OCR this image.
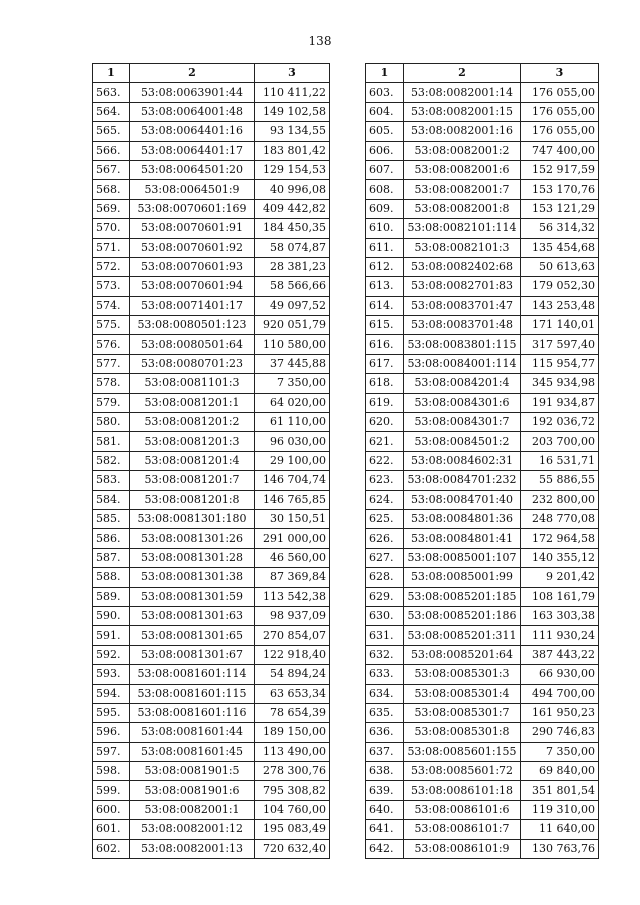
138
1	2	3
563.	53:08:0063901:44	110 411,22
564.	53:08:0064001:48	149 102,58
565.	53:08:0064401:16	93 134,55
566.	53:08:0064401:17	183 801,42
567.	53:08:0064501:20	129 154,53
568.	53:08:0064501:9	40 996,08
569.	53:08:0070601:169	409 442,82
570.	53:08:0070601:91	184 450,35
571.	53:08:0070601:92	58 074,87
572.	53:08:0070601:93	28 381,23
573.	53:08:0070601:94	58 566,66
574.	53:08:0071401:17	49 097,52
575.	53:08:0080501:123	920 051,79
576.	53:08:0080501:64	110 580,00
577.	53:08:0080701:23	37 445,88
578.	53:08:0081101:3	7 350,00
579.	53:08:0081201:1	64 020,00
580.	53:08:0081201:2	61 110,00
581.	53:08:0081201:3	96 030,00
582.	53:08:0081201:4	29 100,00
583.	53:08:0081201:7	146 704,74
584.	53:08:0081201:8	146 765,85
585.	53:08:0081301:180	30 150,51
586.	53:08:0081301:26	291 000,00
587.	53:08:0081301:28	46 560,00
588.	53:08:0081301:38	87 369,84
589.	53:08:0081301:59	113 542,38
590.	53:08:0081301:63	98 937,09
591.	53:08:0081301:65	270 854,07
592.	53:08:0081301:67	122 918,40
593.	53:08:0081601:114	54 894,24
594.	53:08:0081601:115	63 653,34
595.	53:08:0081601:116	78 654,39
596.	53:08:0081601:44	189 150,00
597.	53:08:0081601:45	113 490,00
598.	53:08:0081901:5	278 300,76
599.	53:08:0081901:6	795 308,82
600.	53:08:0082001:1	104 760,00
601.	53:08:0082001:12	195 083,49
602.	53:08:0082001:13	720 632,40
1	2	3
603.	53:08:0082001:14	176 055,00
604.	53:08:0082001:15	176 055,00
605.	53:08:0082001:16	176 055,00
606.	53:08:0082001:2	747 400,00
607.	53:08:0082001:6	152 917,59
608.	53:08:0082001:7	153 170,76
609.	53:08:0082001:8	153 121,29
610.	53:08:0082101:114	56 314,32
611.	53:08:0082101:3	135 454,68
612.	53:08:0082402:68	50 613,63
613.	53:08:0082701:83	179 052,30
614.	53:08:0083701:47	143 253,48
615.	53:08:0083701:48	171 140,01
616.	53:08:0083801:115	317 597,40
617.	53:08:0084001:114	115 954,77
618.	53:08:0084201:4	345 934,98
619.	53:08:0084301:6	191 934,87
620.	53:08:0084301:7	192 036,72
621.	53:08:0084501:2	203 700,00
622.	53:08:0084602:31	16 531,71
623.	53:08:0084701:232	55 886,55
624.	53:08:0084701:40	232 800,00
625.	53:08:0084801:36	248 770,08
626.	53:08:0084801:41	172 964,58
627.	53:08:0085001:107	140 355,12
628.	53:08:0085001:99	9 201,42
629.	53:08:0085201:185	108 161,79
630.	53:08:0085201:186	163 303,38
631.	53:08:0085201:311	111 930,24
632.	53:08:0085201:64	387 443,22
633.	53:08:0085301:3	66 930,00
634.	53:08:0085301:4	494 700,00
635.	53:08:0085301:7	161 950,23
636.	53:08:0085301:8	290 746,83
637.	53:08:0085601:155	7 350,00
638.	53:08:0085601:72	69 840,00
639.	53:08:0086101:18	351 801,54
640.	53:08:0086101:6	119 310,00
641.	53:08:0086101:7	11 640,00
642.	53:08:0086101:9	130 763,76
